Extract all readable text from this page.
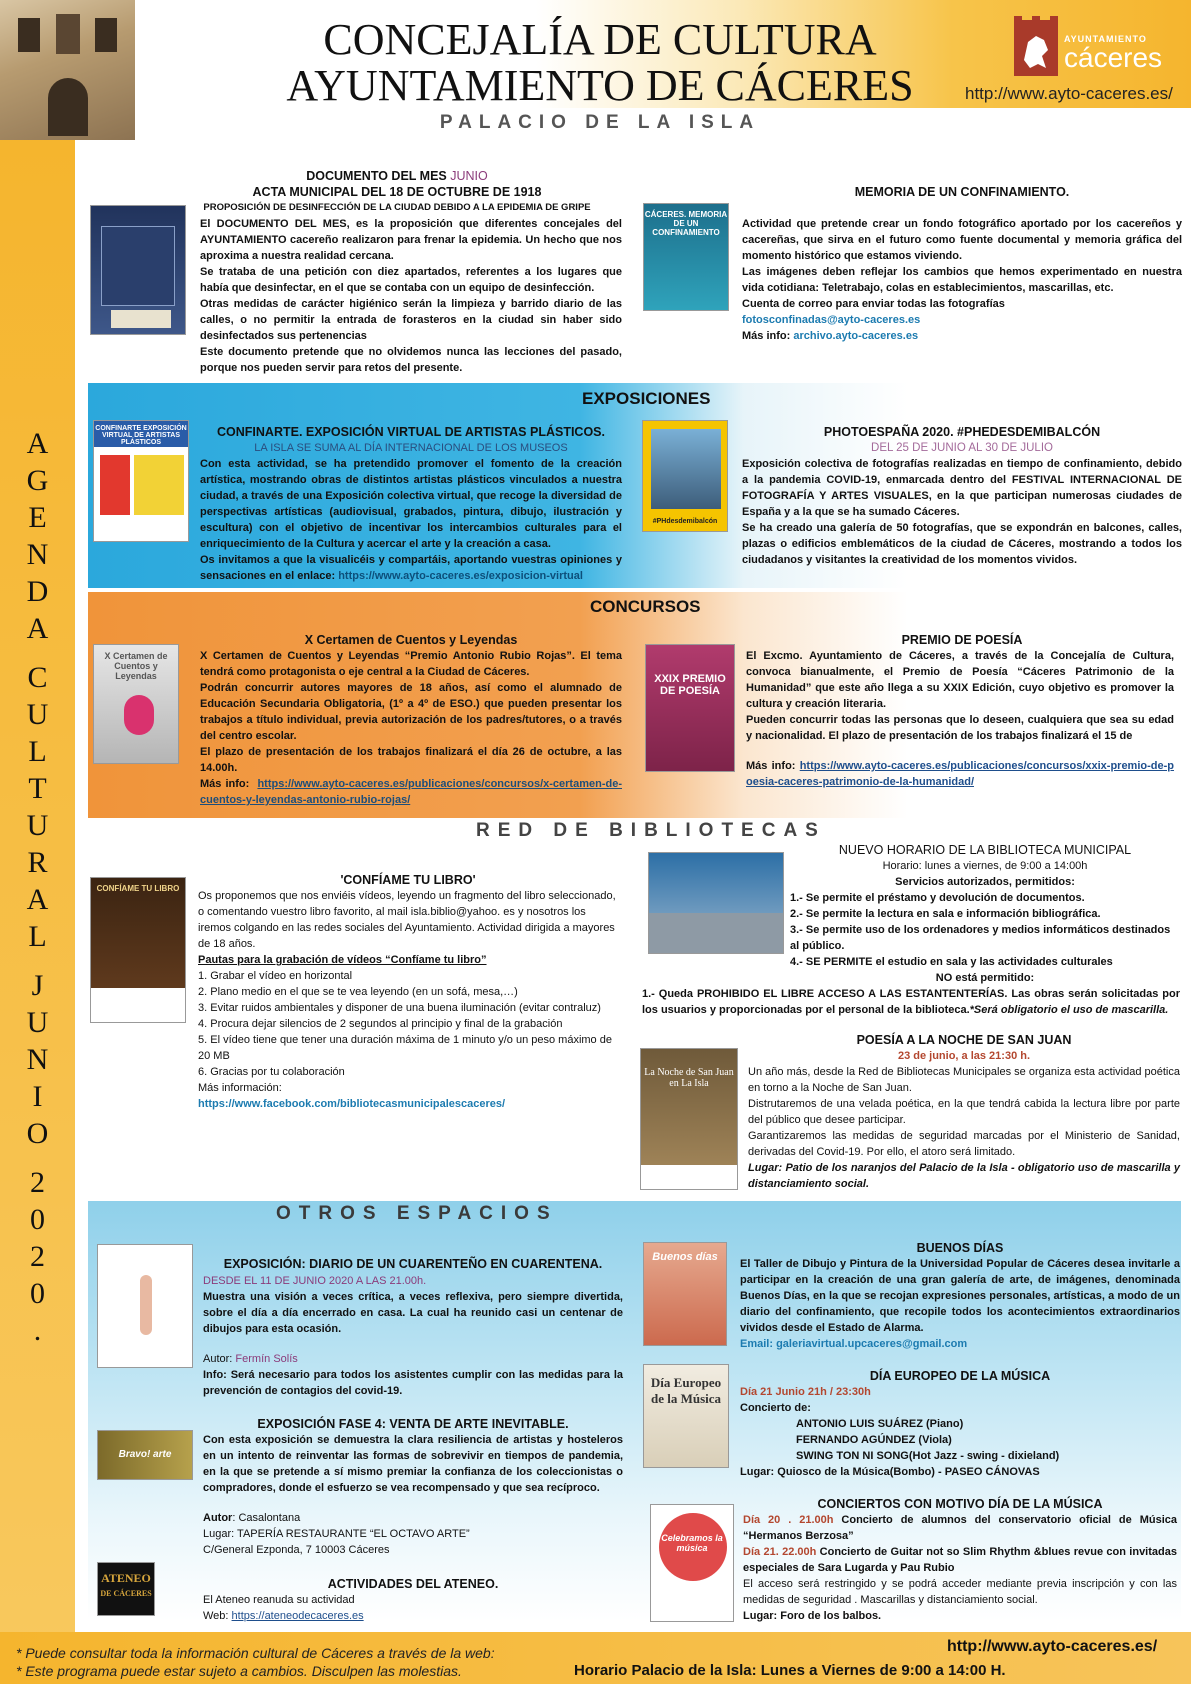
CONCEJALÍA DE CULTURA
AYUNTAMIENTO DE CÁCERES
AYUNTAMIENTO
cáceres
http://www.ayto-caceres.es/
PALACIO DE LA ISLA
A
G
E
N
D
A
C
U
L
T
U
R
A
L
J
U
N
I
O
2
0
2
0
.
DOCUMENTO DEL MES JUNIO
ACTA MUNICIPAL DEL 18 DE OCTUBRE DE 1918
PROPOSICIÓN DE DESINFECCIÓN DE LA CIUDAD DEBIDO A LA EPIDEMIA DE GRIPE

El DOCUMENTO DEL MES, es la proposición que diferentes concejales del AYUNTAMIENTO cacereño realizaron para frenar la epidemia. Un hecho que nos aproxima a nuestra realidad cercana.

Se trataba de una petición con diez apartados, referentes a los lugares que había que desinfectar, en el que se contaba con un equipo de desinfección.

Otras medidas de carácter higiénico serán la limpieza y barrido diario de las calles, o no permitir la entrada de forasteros en la ciudad sin haber sido desinfectados sus pertenencias

Este documento pretende que no olvidemos nunca las lecciones del pasado, porque nos pueden servir para retos del presente.

CÁCERES. MEMORIA DE UN CONFINAMIENTO
MEMORIA DE UN CONFINAMIENTO.

Actividad que pretende crear un fondo fotográfico aportado por los cacereños y cacereñas, que sirva en el futuro como fuente documental y memoria gráfica del momento histórico que estamos viviendo.

Las imágenes deben reflejar los cambios que hemos experimentado en nuestra vida cotidiana: Teletrabajo, colas en establecimientos, mascarillas, etc.

Cuenta de correo para enviar todas las fotografías

fotosconfinadas@ayto-caceres.es

Más info: archivo.ayto-caceres.es

EXPOSICIONES
CONFINARTE EXPOSICIÓN VIRTUAL DE ARTISTAS PLÁSTICOS
CONFINARTE. EXPOSICIÓN VIRTUAL DE ARTISTAS PLÁSTICOS.
LA ISLA SE SUMA AL DÍA INTERNACIONAL DE LOS MUSEOS

Con esta actividad, se ha pretendido promover el fomento de la creación artística, mostrando obras de distintos artistas plásticos vinculados a nuestra ciudad, a través de una Exposición colectiva virtual, que recoge la diversidad de perspectivas artísticas (audiovisual, grabados, pintura, dibujo, ilustración y escultura) con el objetivo de incentivar los intercambios culturales para el enriquecimiento de la Cultura y acercar el arte y la creación a casa.

Os invitamos a que la visualicéis y compartáis, aportando vuestras opiniones y sensaciones en el enlace: https://www.ayto-caceres.es/exposicion-virtual

#PHdesdemibalcón
PHOTOESPAÑA 2020. #PHEDESDEMIBALCÓN
DEL 25 DE JUNIO AL 30 DE JULIO

Exposición colectiva de fotografías realizadas en tiempo de confinamiento, debido a la pandemia COVID-19, enmarcada dentro del FESTIVAL INTERNACIONAL DE FOTOGRAFÍA Y ARTES VISUALES, en la que participan numerosas ciudades de España y a la que se ha sumado Cáceres.

Se ha creado una galería de 50 fotografías, que se expondrán en balcones, calles, plazas o edificios emblemáticos de la ciudad de Cáceres, mostrando a todos los ciudadanos y visitantes la creatividad de los momentos vividos.

CONCURSOS
X Certamen de Cuentos y Leyendas
X Certamen de Cuentos y Leyendas

X Certamen de Cuentos y Leyendas “Premio Antonio Rubio Rojas”. El tema tendrá como protagonista o eje central a la Ciudad de Cáceres.

Podrán concurrir autores mayores de 18 años, así como el alumnado de Educación Secundaria Obligatoria, (1º a 4º de ESO.) que pueden presentar los trabajos a título individual, previa autorización de los padres/tutores, o a través del centro escolar.

El plazo de presentación de los trabajos finalizará el día 26 de octubre, a las 14.00h.

Más info: https://www.ayto-caceres.es/publicaciones/concursos/x-certamen-de-cuentos-y-leyendas-antonio-rubio-rojas/

XXIX PREMIO DE POESÍA
PREMIO DE POESÍA

El Excmo. Ayuntamiento de Cáceres, a través de la Concejalía de Cultura, convoca bianualmente, el Premio de Poesía “Cáceres Patrimonio de la Humanidad” que este año llega a su XXIX Edición, cuyo objetivo es promover la cultura y creación literaria.

Pueden concurrir todas las personas que lo deseen, cualquiera que sea su edad y nacionalidad. El plazo de presentación de los trabajos finalizará el 15 de

Más info: https://www.ayto-caceres.es/publicaciones/concursos/xxix-premio-de-poesia-caceres-patrimonio-de-la-humanidad/

RED DE BIBLIOTECAS
CONFÍAME TU LIBRO
'CONFÍAME TU LIBRO'

Os proponemos que nos enviéis vídeos, leyendo un fragmento del libro seleccionado, o comentando vuestro libro favorito, al mail isla.biblio@yahoo. es y nosotros los iremos colgando en las redes sociales del Ayuntamiento. Actividad dirigida a mayores de 18 años.

Pautas para la grabación de vídeos “Confíame tu libro”

1. Grabar el vídeo en horizontal

2. Plano medio en el que se te vea leyendo (en un sofá, mesa,…)

3. Evitar ruidos ambientales y disponer de una buena iluminación (evitar contraluz)

4. Procura dejar silencios de 2 segundos al principio y final de la grabación

5. El vídeo tiene que tener una duración máxima de 1 minuto y/o un peso máximo de 20 MB

6. Gracias por tu colaboración

Más información:

https://www.facebook.com/bibliotecasmunicipalescaceres/

NUEVO HORARIO DE LA BIBLIOTECA MUNICIPAL
Horario: lunes a viernes, de 9:00 a 14:00h
Servicios autorizados, permitidos:

1.- Se permite el préstamo y devolución de documentos.

2.- Se permite la lectura en sala e información bibliográfica.

3.- Se permite uso de los ordenadores y medios informáticos destinados al público.

4.- SE PERMITE el estudio en sala y las actividades culturales

NO está permitido:
1.- Queda PROHIBIDO EL LIBRE ACCESO A LAS ESTANTENTERÍAS. Las obras serán solicitadas por los usuarios y proporcionadas por el personal de la biblioteca.*Será obligatorio el uso de mascarilla.
La Noche de San Juan en La Isla
POESÍA A LA NOCHE DE SAN JUAN
23 de junio, a las 21:30 h.

Un año más, desde la Red de Bibliotecas Municipales se organiza esta actividad poética en torno a la Noche de San Juan.

Distrutaremos de una velada poética, en la que tendrá cabida la lectura libre por parte del público que desee participar.

Garantizaremos las medidas de seguridad marcadas por el Ministerio de Sanidad, derivadas del Covid-19. Por ello, el atoro será limitado.

Lugar: Patio de los naranjos del Palacio de la Isla - obligatorio uso de mascarilla y distanciamiento social.

OTROS ESPACIOS
EXPOSICIÓN: DIARIO DE UN CUARENTEÑO EN CUARENTENA.
DESDE EL 11 DE JUNIO 2020 A LAS 21.00h.

Muestra una visión a veces crítica, a veces reflexiva, pero siempre divertida, sobre el día a día encerrado en casa. La cual ha reunido casi un centenar de dibujos para esta ocasión.

Autor: Fermín Solís

Info: Será necesario para todos los asistentes cumplir con las medidas para la prevención de contagios del covid-19.

Bravo! arte
EXPOSICIÓN FASE 4: VENTA DE ARTE INEVITABLE.

Con esta exposición se demuestra la clara resiliencia de artistas y hosteleros en un intento de reinventar las formas de sobrevivir en tiempos de pandemia, en la que se pretende a sí mismo premiar la confianza de los coleccionistas o compradores, donde el esfuerzo se vea recompensado y que sea recíproco.

Autor: Casalontana

Lugar: TAPERÍA RESTAURANTE “EL OCTAVO ARTE”

C/General Ezponda, 7 10003 Cáceres

ATENEO
DE CÁCERES
ACTIVIDADES DEL ATENEO.

El Ateneo reanuda su actividad

Web: https://ateneodecaceres.es

Buenos días
BUENOS DÍAS

El Taller de Dibujo y Pintura de la Universidad Popular de Cáceres desea invitarle a participar en la creación de una gran galería de arte, de imágenes, denominada Buenos Días, en la que se recojan expresiones personales, artísticas, a modo de un diario del confinamiento, que recopile todos los acontecimientos extraordinarios vividos desde el Estado de Alarma.

Email: galeriavirtual.upcaceres@gmail.com

Día Europeo de la Música
DÍA EUROPEO DE LA MÚSICA

Día 21 Junio 21h / 23:30h

Concierto de:

ANTONIO LUIS SUÁREZ (Piano)

FERNANDO AGÚNDEZ (Viola)

SWING TON NI SONG(Hot Jazz - swing - dixieland)

Lugar: Quiosco de la Música(Bombo) - PASEO CÁNOVAS

Celebramos la música
CONCIERTOS CON MOTIVO DÍA DE LA MÚSICA

Día 20 . 21.00h Concierto de alumnos del conservatorio oficial de Música “Hermanos Berzosa”

Día 21. 22.00h Concierto de Guitar not so Slim Rhythm &blues revue con invitadas especiales de Sara Lugarda y Pau Rubio

El acceso será restringido y se podrá acceder mediante previa inscripción y con las medidas de seguridad . Mascarillas y distanciamiento social.

Lugar: Foro de los balbos.

* Puede consultar toda la información cultural de Cáceres a través de la web:
* Este programa puede estar sujeto a cambios. Disculpen las molestias.
http://www.ayto-caceres.es/
Horario Palacio de la Isla: Lunes a Viernes de 9:00 a 14:00 H.
